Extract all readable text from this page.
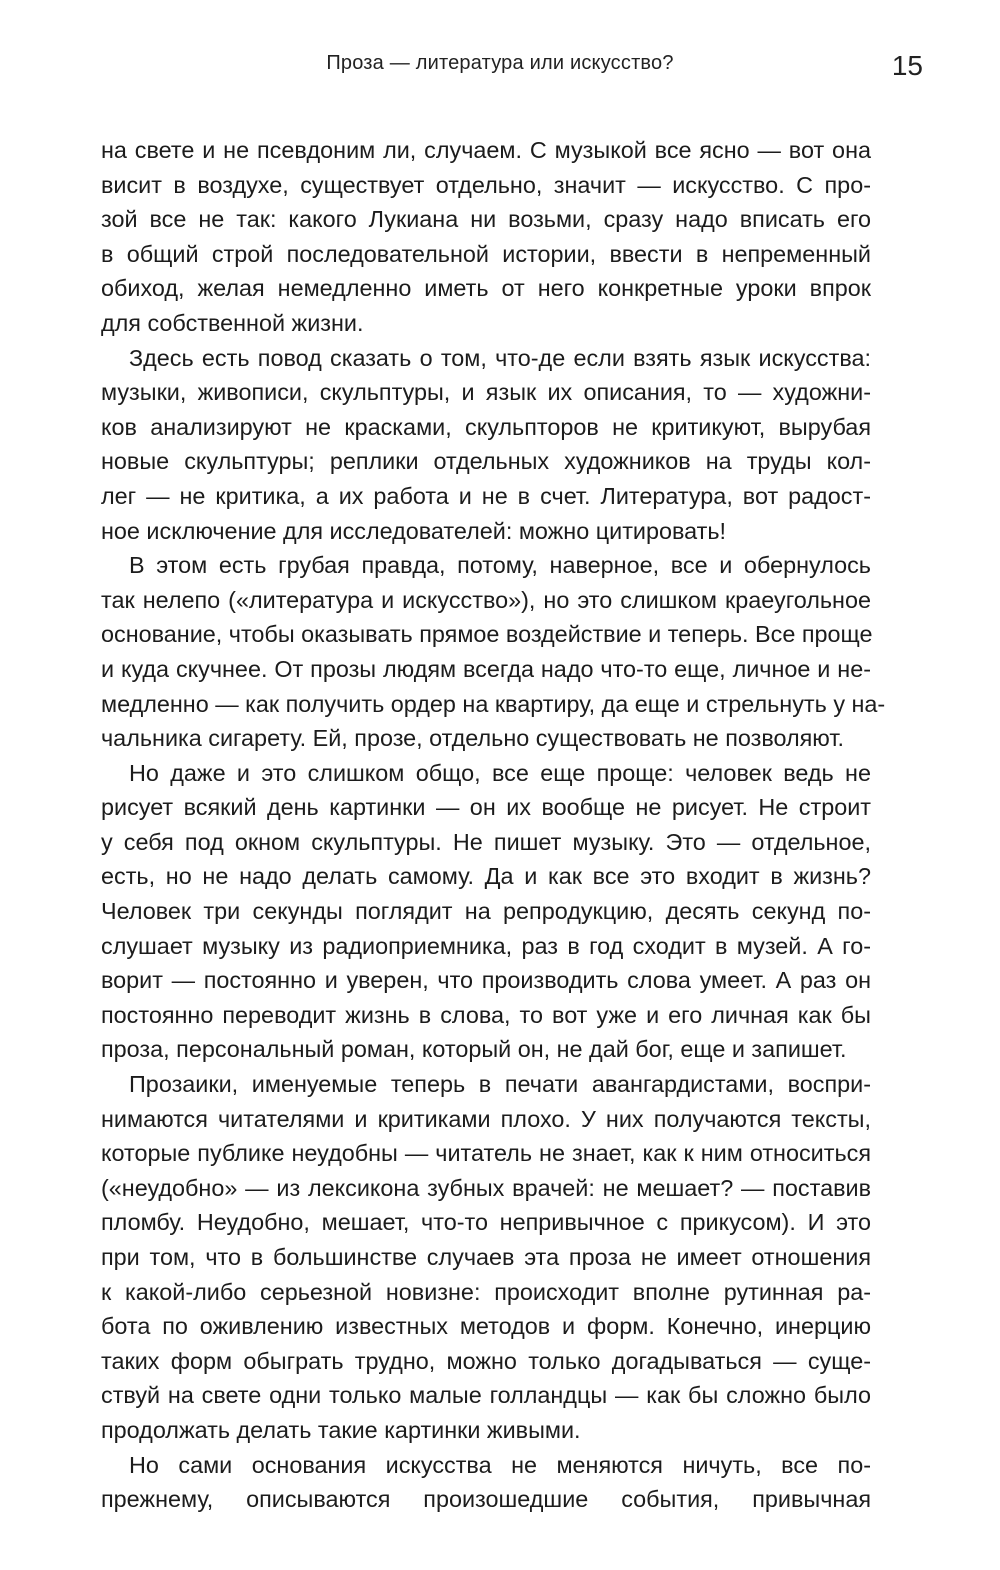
Проза — литература или искусство?	15
на свете и не псевдоним ли, случаем. С музыкой все ясно — вот она
висит в воздухе, существует отдельно, значит — искусство. С про-
зой все не так: какого Лукиана ни возьми, сразу надо вписать его
в общий строй последовательной истории, ввести в непременный
обиход, желая немедленно иметь от него конкретные уроки впрок
для собственной жизни.
Здесь есть повод сказать о том, что-де если взять язык искусства:
музыки, живописи, скульптуры, и язык их описания, то — художни-
ков анализируют не красками, скульпторов не критикуют, вырубая
новые скульптуры; реплики отдельных художников на труды кол-
лег — не критика, а их работа и не в счет. Литература, вот радост-
ное исключение для исследователей: можно цитировать!
В этом есть грубая правда, потому, наверное, все и обернулось
так нелепо («литература и искусство»), но это слишком краеугольное
основание, чтобы оказывать прямое воздействие и теперь. Все проще
и куда скучнее. От прозы людям всегда надо что-то еще, личное и не-
медленно — как получить ордер на квартиру, да еще и стрельнуть у на-
чальника сигарету. Ей, прозе, отдельно существовать не позволяют.
Но даже и это слишком общо, все еще проще: человек ведь не
рисует всякий день картинки — он их вообще не рисует. Не строит
у себя под окном скульптуры. Не пишет музыку. Это — отдельное,
есть, но не надо делать самому. Да и как все это входит в жизнь?
Человек три секунды поглядит на репродукцию, десять секунд по-
слушает музыку из радиоприемника, раз в год сходит в музей. А го-
ворит — постоянно и уверен, что производить слова умеет. А раз он
постоянно переводит жизнь в слова, то вот уже и его личная как бы
проза, персональный роман, который он, не дай бог, еще и запишет.
Прозаики, именуемые теперь в печати авангардистами, воспри-
нимаются читателями и критиками плохо. У них получаются тексты,
которые публике неудобны — читатель не знает, как к ним относиться
(«неудобно» — из лексикона зубных врачей: не мешает? — поставив
пломбу. Неудобно, мешает, что-то непривычное с прикусом). И это
при том, что в большинстве случаев эта проза не имеет отношения
к какой-либо серьезной новизне: происходит вполне рутинная ра-
бота по оживлению известных методов и форм. Конечно, инерцию
таких форм обыграть трудно, можно только догадываться — суще-
ствуй на свете одни только малые голландцы — как бы сложно было
продолжать делать такие картинки живыми.
Но сами основания искусства не меняются ничуть, все по-
прежнему, описываются произошедшие события, привычная
